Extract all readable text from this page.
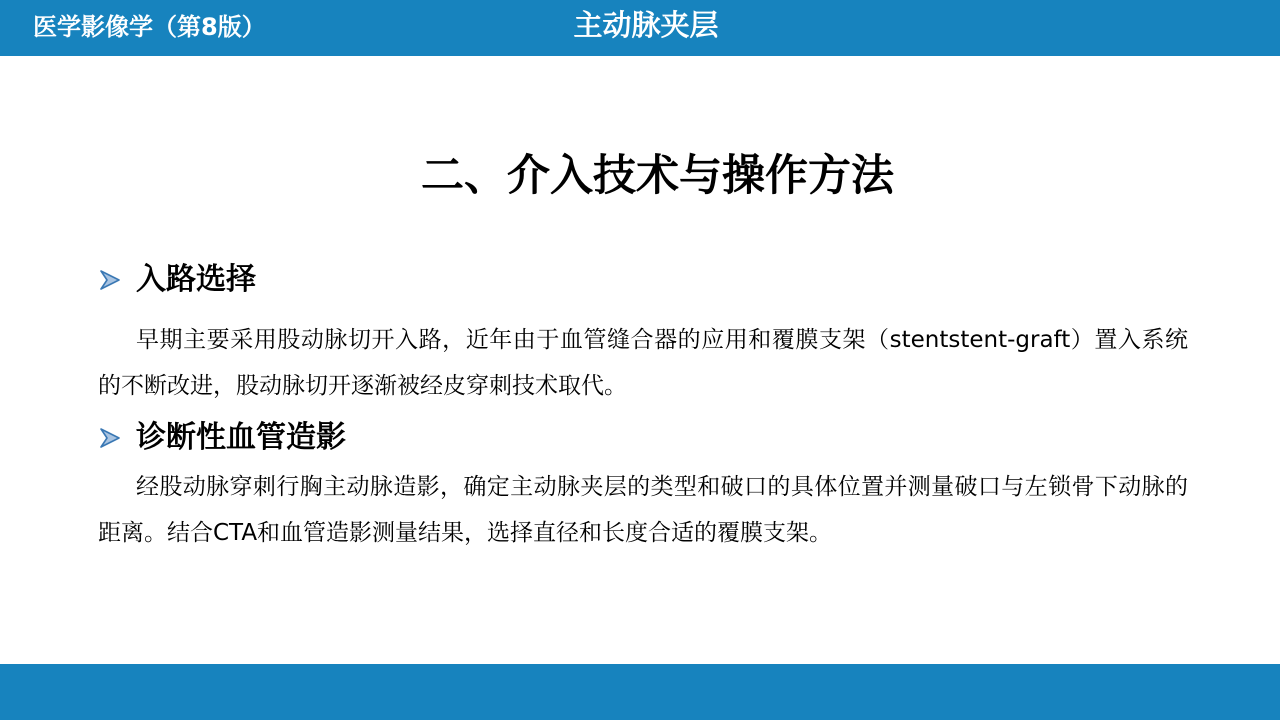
医学影像学（第8版）	主动脉夹层
二、介入技术与操作方法
入路选择
早期主要采用股动脉切开入路，近年由于血管缝合器的应用和覆膜支架（stentstent-graft）置入系统的不断改进，股动脉切开逐渐被经皮穿刺技术取代。
诊断性血管造影
经股动脉穿刺行胸主动脉造影，确定主动脉夹层的类型和破口的具体位置并测量破口与左锁骨下动脉的距离。结合CTA和血管造影测量结果，选择直径和长度合适的覆膜支架。
